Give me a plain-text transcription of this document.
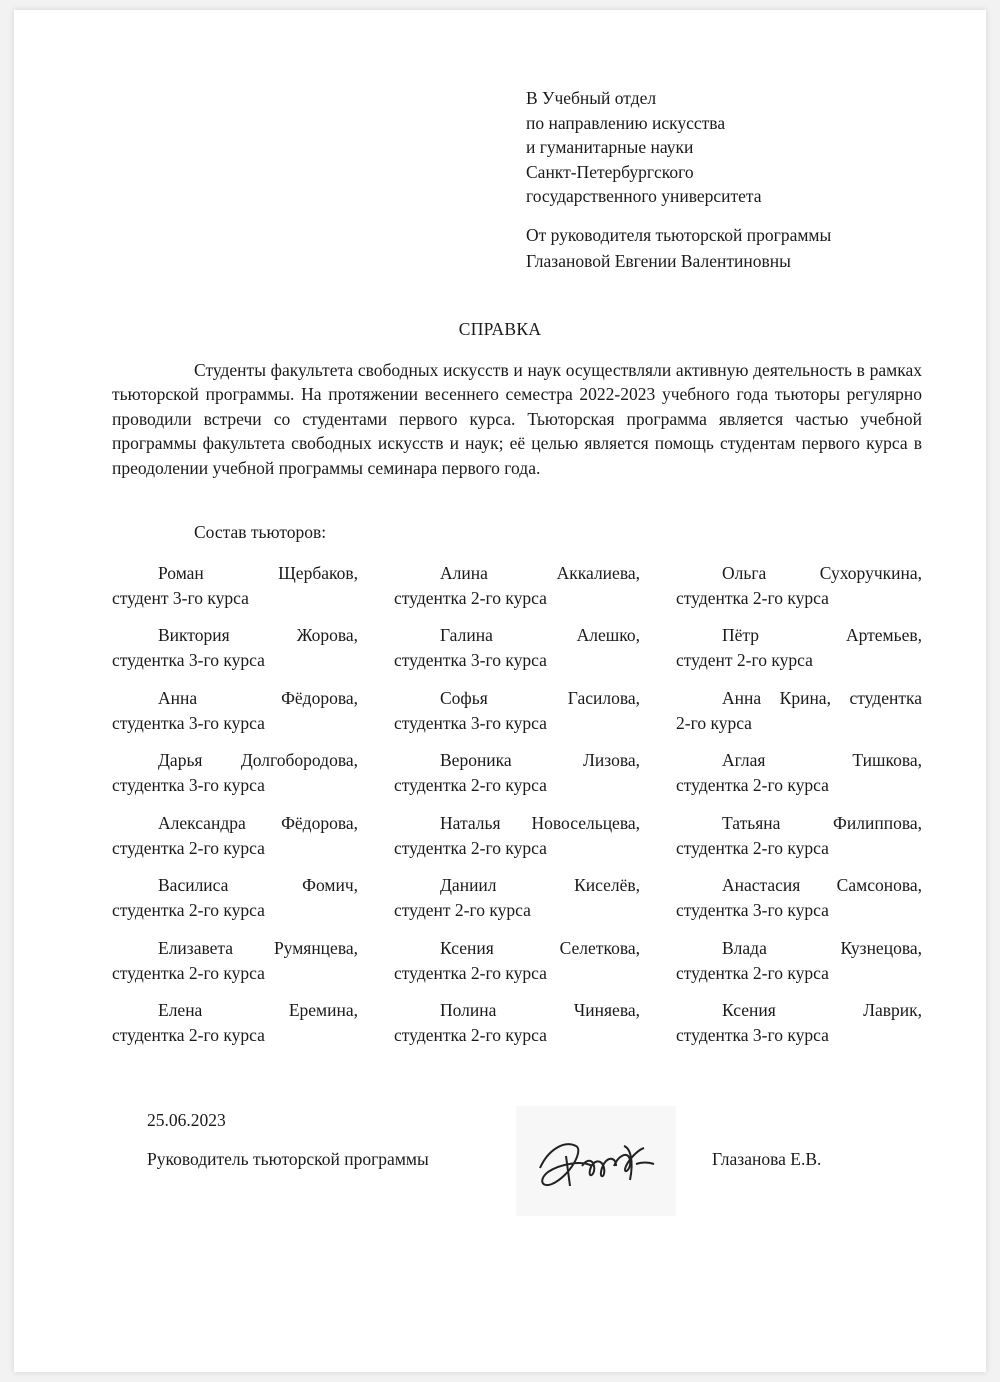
В Учебный отдел
по направлению искусства
и гуманитарные науки
Санкт-Петербургского
государственного университета
От руководителя тьюторской программы
Глазановой Евгении Валентиновны
СПРАВКА

Студенты факультета свободных искусств и наук осуществляли активную деятельность в рамках тьюторской программы. На протяжении весеннего семестра 2022-2023 учебного года тьюторы регулярно проводили встречи со студентами первого курса. Тьюторская программа является частью учебной программы факультета свободных искусств и наук; её целью является помощь студентам первого курса в преодолении учебной программы семинара первого года.

Состав тьюторов:
Роман Щербаков,
студент 3-го курса
Виктория Жорова,
студентка 3-го курса
Анна Фёдорова,
студентка 3-го курса
Дарья Долгобородова,
студентка 3-го курса
Александра Фёдорова,
студентка 2-го курса
Василиса Фомич,
студентка 2-го курса
Елизавета Румянцева,
студентка 2-го курса
Елена Еремина,
студентка 2-го курса
Алина Аккалиева,
студентка 2-го курса
Галина Алешко,
студентка 3-го курса
Софья Гасилова,
студентка 3-го курса
Вероника Лизова,
студентка 2-го курса
Наталья Новосельцева,
студентка 2-го курса
Даниил Киселёв,
студент 2-го курса
Ксения Селеткова,
студентка 2-го курса
Полина Чиняева,
студентка 2-го курса
Ольга Сухоручкина,
студентка 2-го курса
Пётр Артемьев,
студент 2-го курса
Анна Крина, студентка
2-го курса
Аглая Тишкова,
студентка 2-го курса
Татьяна Филиппова,
студентка 2-го курса
Анастасия Самсонова,
студентка 3-го курса
Влада Кузнецова,
студентка 2-го курса
Ксения Лаврик,
студентка 3-го курса
25.06.2023
Руководитель тьюторской программы	Глазанова Е.В.
